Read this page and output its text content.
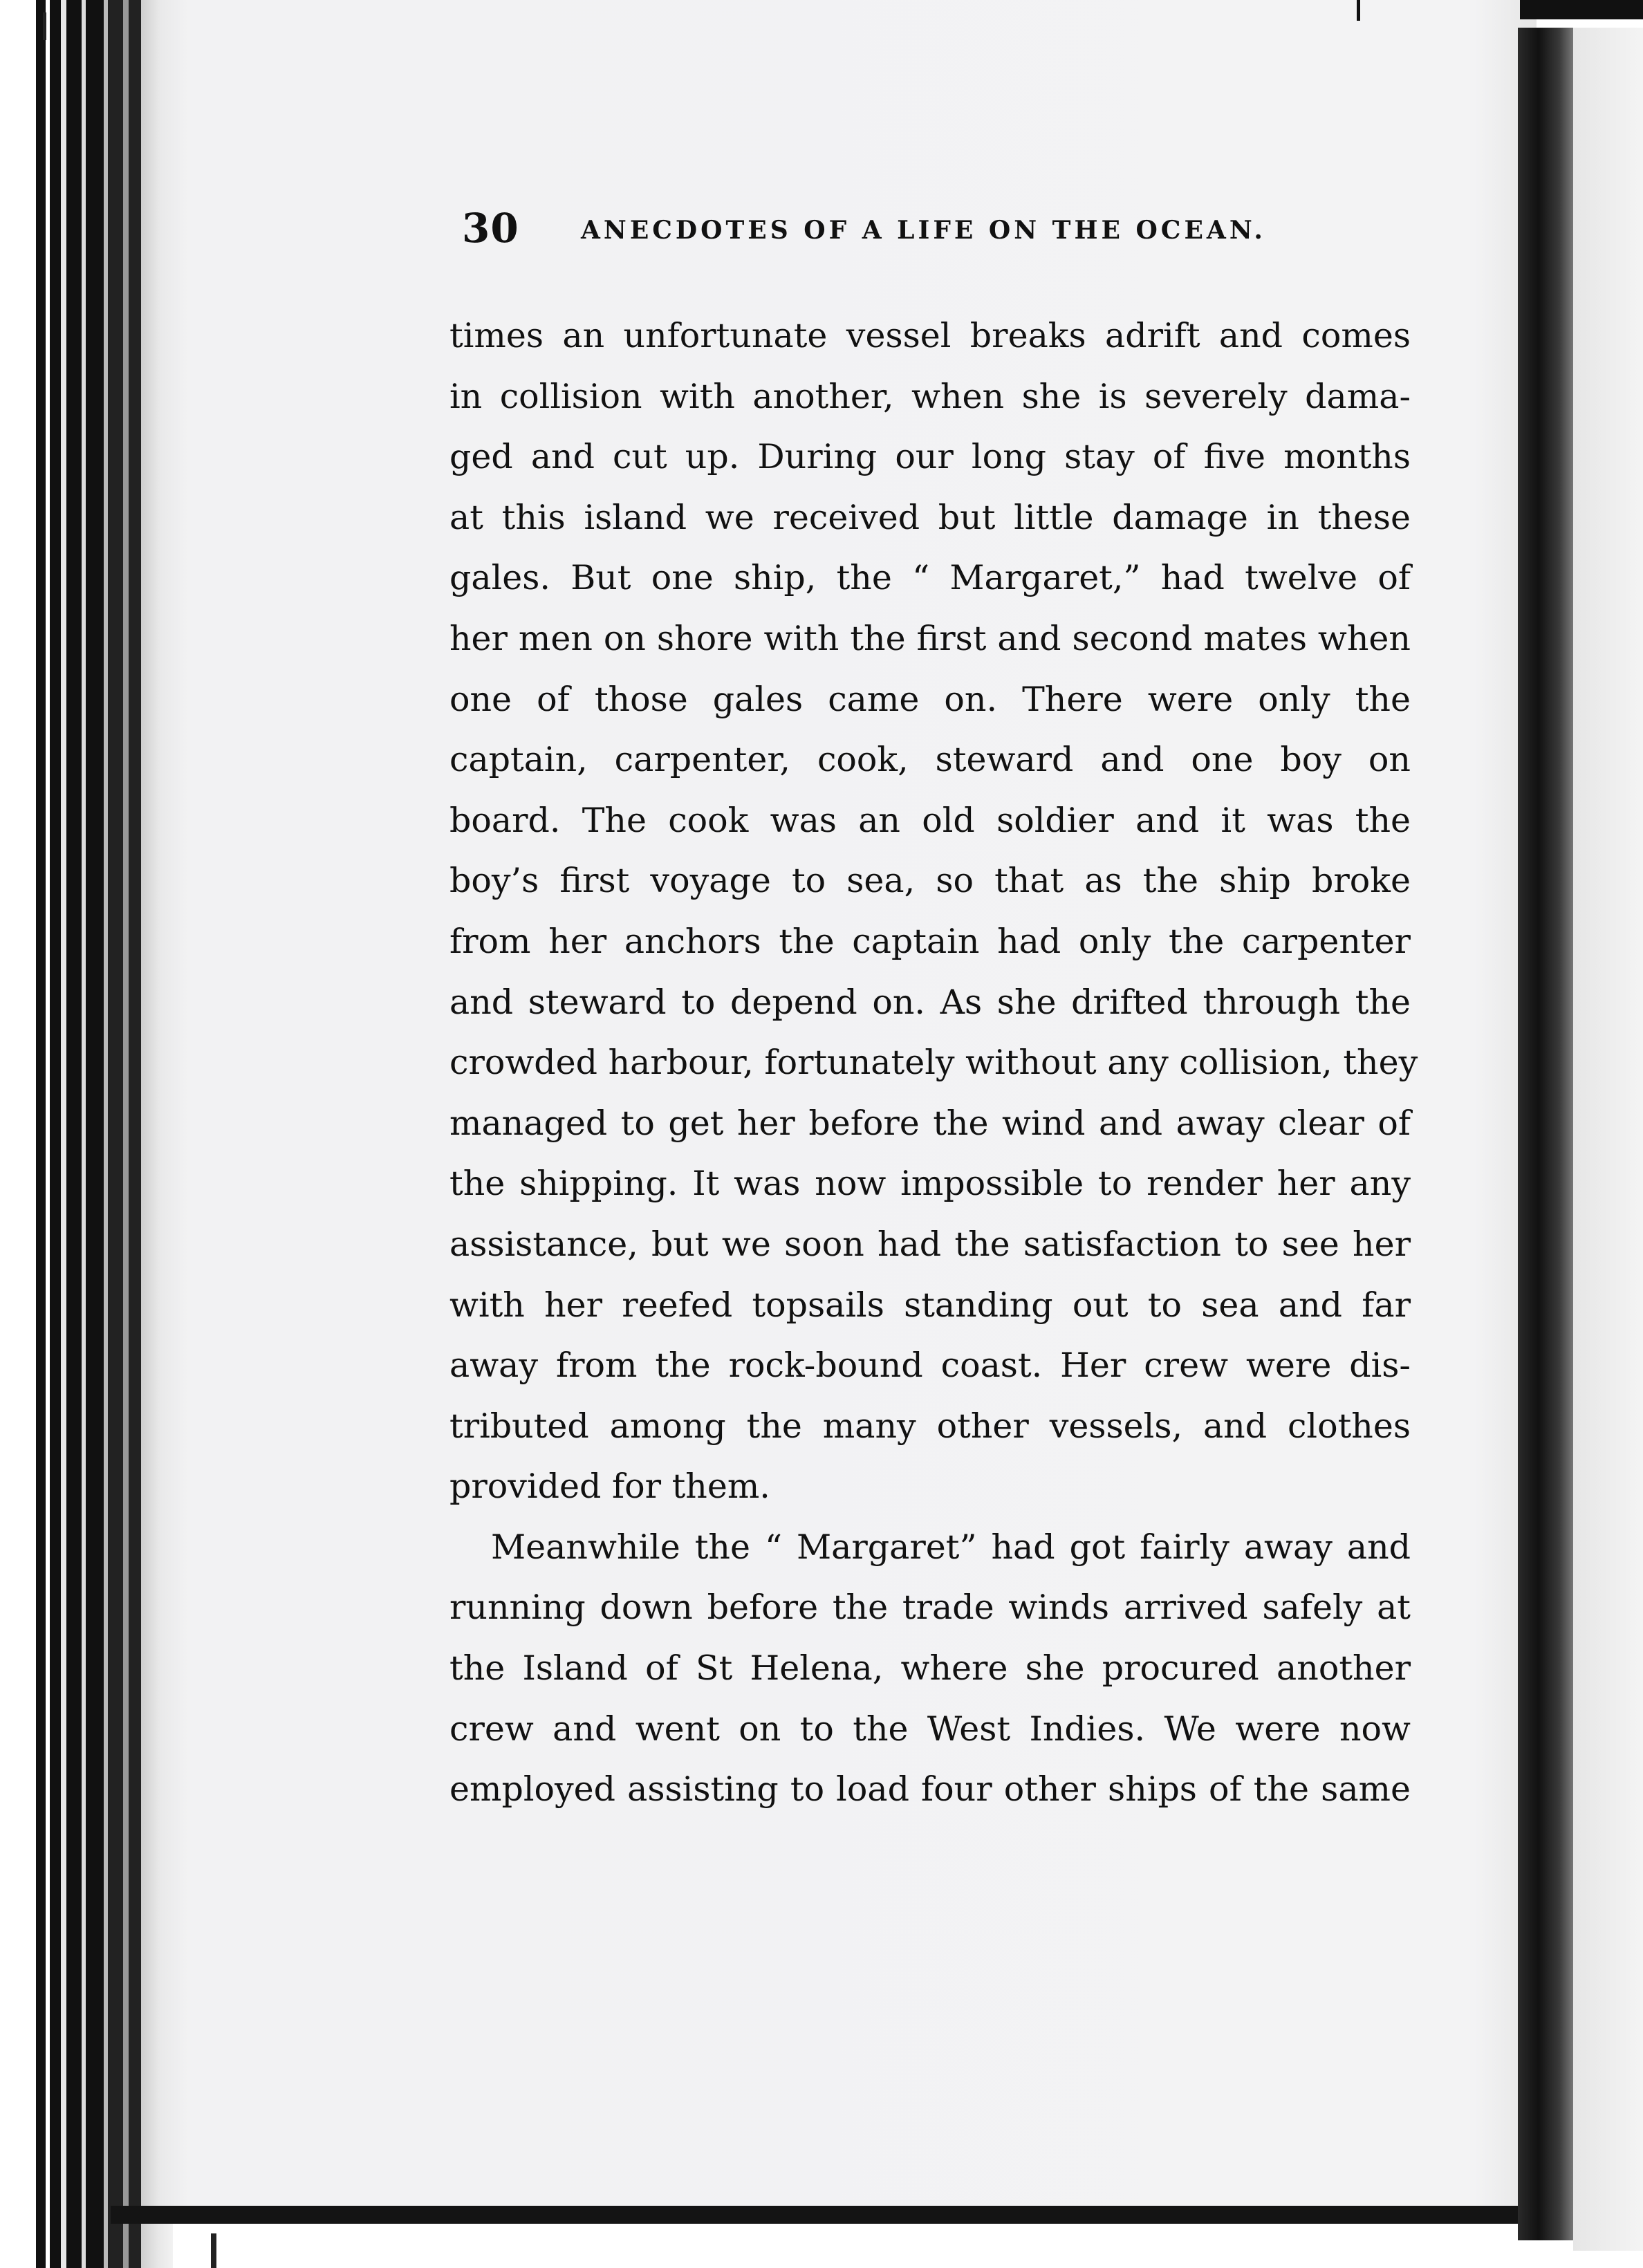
30 ANECDOTES OF A LIFE ON THE OCEAN.
times an unfortunate vessel breaks adrift and comes
in collision with another, when she is severely dama-
ged and cut up. During our long stay of five months
at this island we received but little damage in these
gales. But one ship, the “ Margaret,” had twelve of
her men on shore with the first and second mates when
one of those gales came on. There were only the
captain, carpenter, cook, steward and one boy on
board. The cook was an old soldier and it was the
boy’s first voyage to sea, so that as the ship broke
from her anchors the captain had only the carpenter
and steward to depend on. As she drifted through the
crowded harbour, fortunately without any collision, they
managed to get her before the wind and away clear of
the shipping. It was now impossible to render her any
assistance, but we soon had the satisfaction to see her
with her reefed topsails standing out to sea and far
away from the rock-bound coast. Her crew were dis-
tributed among the many other vessels, and clothes
provided for them.
Meanwhile the “ Margaret” had got fairly away and
running down before the trade winds arrived safely at
the Island of St Helena, where she procured another
crew and went on to the West Indies. We were now
employed assisting to load four other ships of the same
